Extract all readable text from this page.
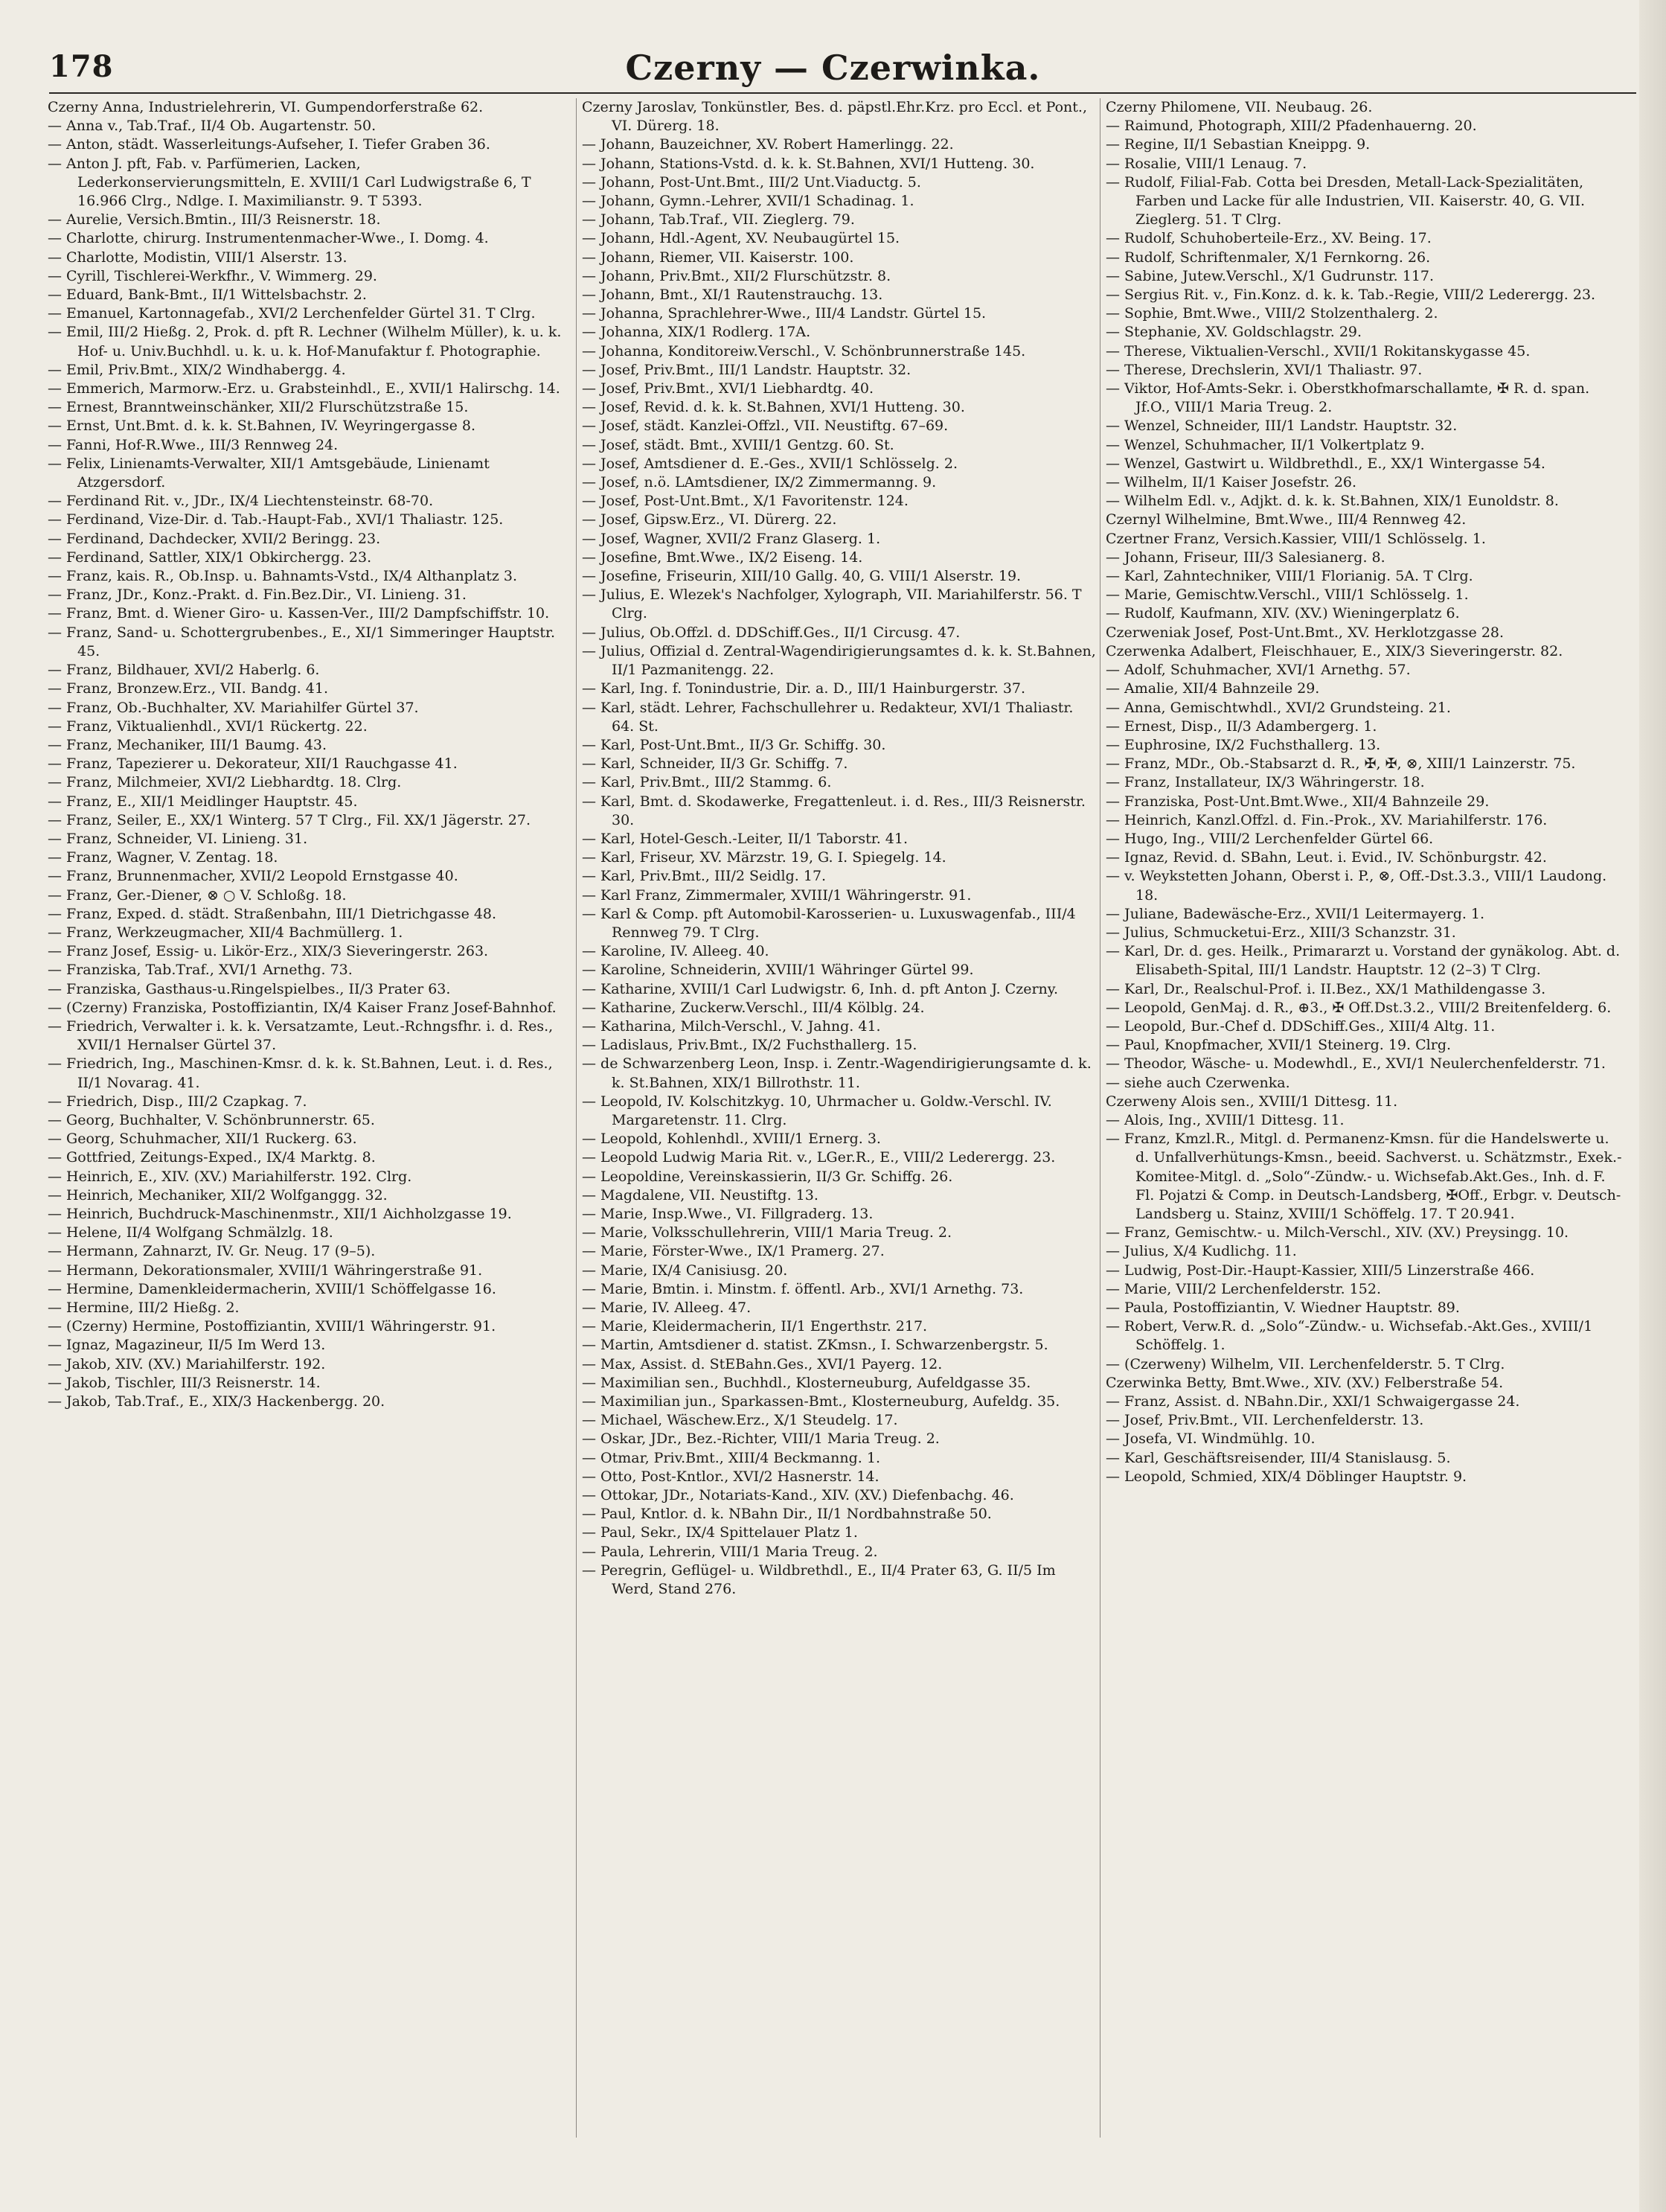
178	Czerny — Czerwinka.

Czerny Anna, Industrielehrerin, VI. Gumpendorferstraße 62.

— Anna v., Tab.Traf., II/4 Ob. Augartenstr. 50.

— Anton, städt. Wasserleitungs-Aufseher, I. Tiefer Graben 36.

— Anton J. pft, Fab. v. Parfümerien, Lacken, Lederkonservierungsmitteln, E. XVIII/1 Carl Ludwigstraße 6, T 16.966 Clrg., Ndlge. I. Maximilianstr. 9. T 5393.

— Aurelie, Versich.Bmtin., III/3 Reisnerstr. 18.

— Charlotte, chirurg. Instrumentenmacher-Wwe., I. Domg. 4.

— Charlotte, Modistin, VIII/1 Alserstr. 13.

— Cyrill, Tischlerei-Werkfhr., V. Wimmerg. 29.

— Eduard, Bank-Bmt., II/1 Wittelsbachstr. 2.

— Emanuel, Kartonnagefab., XVI/2 Lerchenfelder Gürtel 31. T Clrg.

— Emil, III/2 Hießg. 2, Prok. d. pft R. Lechner (Wilhelm Müller), k. u. k. Hof- u. Univ.Buchhdl. u. k. u. k. Hof-Manufaktur f. Photographie.

— Emil, Priv.Bmt., XIX/2 Windhabergg. 4.

— Emmerich, Marmorw.-Erz. u. Grabsteinhdl., E., XVII/1 Halirschg. 14.

— Ernest, Branntweinschänker, XII/2 Flurschützstraße 15.

— Ernst, Unt.Bmt. d. k. k. St.Bahnen, IV. Weyringergasse 8.

— Fanni, Hof-R.Wwe., III/3 Rennweg 24.

— Felix, Linienamts-Verwalter, XII/1 Amtsgebäude, Linienamt Atzgersdorf.

— Ferdinand Rit. v., JDr., IX/4 Liechtensteinstr. 68-70.

— Ferdinand, Vize-Dir. d. Tab.-Haupt-Fab., XVI/1 Thaliastr. 125.

— Ferdinand, Dachdecker, XVII/2 Beringg. 23.

— Ferdinand, Sattler, XIX/1 Obkirchergg. 23.

— Franz, kais. R., Ob.Insp. u. Bahnamts-Vstd., IX/4 Althanplatz 3.

— Franz, JDr., Konz.-Prakt. d. Fin.Bez.Dir., VI. Linieng. 31.

— Franz, Bmt. d. Wiener Giro- u. Kassen-Ver., III/2 Dampfschiffstr. 10.

— Franz, Sand- u. Schottergrubenbes., E., XI/1 Simmeringer Hauptstr. 45.

— Franz, Bildhauer, XVI/2 Haberlg. 6.

— Franz, Bronzew.Erz., VII. Bandg. 41.

— Franz, Ob.-Buchhalter, XV. Mariahilfer Gürtel 37.

— Franz, Viktualienhdl., XVI/1 Rückertg. 22.

— Franz, Mechaniker, III/1 Baumg. 43.

— Franz, Tapezierer u. Dekorateur, XII/1 Rauchgasse 41.

— Franz, Milchmeier, XVI/2 Liebhardtg. 18. Clrg.

— Franz, E., XII/1 Meidlinger Hauptstr. 45.

— Franz, Seiler, E., XX/1 Winterg. 57 T Clrg., Fil. XX/1 Jägerstr. 27.

— Franz, Schneider, VI. Linieng. 31.

— Franz, Wagner, V. Zentag. 18.

— Franz, Brunnenmacher, XVII/2 Leopold Ernstgasse 40.

— Franz, Ger.-Diener, ⊗ ○ V. Schloßg. 18.

— Franz, Exped. d. städt. Straßenbahn, III/1 Dietrichgasse 48.

— Franz, Werkzeugmacher, XII/4 Bachmüllerg. 1.

— Franz Josef, Essig- u. Likör-Erz., XIX/3 Sieveringerstr. 263.

— Franziska, Tab.Traf., XVI/1 Arnethg. 73.

— Franziska, Gasthaus-u.Ringelspielbes., II/3 Prater 63.

— (Czerny) Franziska, Postoffiziantin, IX/4 Kaiser Franz Josef-Bahnhof.

— Friedrich, Verwalter i. k. k. Versatzamte, Leut.-Rchngsfhr. i. d. Res., XVII/1 Hernalser Gürtel 37.

— Friedrich, Ing., Maschinen-Kmsr. d. k. k. St.Bahnen, Leut. i. d. Res., II/1 Novarag. 41.

— Friedrich, Disp., III/2 Czapkag. 7.

— Georg, Buchhalter, V. Schönbrunnerstr. 65.

— Georg, Schuhmacher, XII/1 Ruckerg. 63.

— Gottfried, Zeitungs-Exped., IX/4 Marktg. 8.

— Heinrich, E., XIV. (XV.) Mariahilferstr. 192. Clrg.

— Heinrich, Mechaniker, XII/2 Wolfganggg. 32.

— Heinrich, Buchdruck-Maschinenmstr., XII/1 Aichholzgasse 19.

— Helene, II/4 Wolfgang Schmälzlg. 18.

— Hermann, Zahnarzt, IV. Gr. Neug. 17 (9–5).

— Hermann, Dekorationsmaler, XVIII/1 Währingerstraße 91.

— Hermine, Damenkleidermacherin, XVIII/1 Schöffelgasse 16.

— Hermine, III/2 Hießg. 2.

— (Czerny) Hermine, Postoffiziantin, XVIII/1 Währingerstr. 91.

— Ignaz, Magazineur, II/5 Im Werd 13.

— Jakob, XIV. (XV.) Mariahilferstr. 192.

— Jakob, Tischler, III/3 Reisnerstr. 14.

— Jakob, Tab.Traf., E., XIX/3 Hackenbergg. 20.

Czerny Jaroslav, Tonkünstler, Bes. d. päpstl.Ehr.Krz. pro Eccl. et Pont., VI. Dürerg. 18.

— Johann, Bauzeichner, XV. Robert Hamerlingg. 22.

— Johann, Stations-Vstd. d. k. k. St.Bahnen, XVI/1 Hutteng. 30.

— Johann, Post-Unt.Bmt., III/2 Unt.Viaductg. 5.

— Johann, Gymn.-Lehrer, XVII/1 Schadinag. 1.

— Johann, Tab.Traf., VII. Zieglerg. 79.

— Johann, Hdl.-Agent, XV. Neubaugürtel 15.

— Johann, Riemer, VII. Kaiserstr. 100.

— Johann, Priv.Bmt., XII/2 Flurschützstr. 8.

— Johann, Bmt., XI/1 Rautenstrauchg. 13.

— Johanna, Sprachlehrer-Wwe., III/4 Landstr. Gürtel 15.

— Johanna, XIX/1 Rodlerg. 17A.

— Johanna, Konditoreiw.Verschl., V. Schönbrunnerstraße 145.

— Josef, Priv.Bmt., III/1 Landstr. Hauptstr. 32.

— Josef, Priv.Bmt., XVI/1 Liebhardtg. 40.

— Josef, Revid. d. k. k. St.Bahnen, XVI/1 Hutteng. 30.

— Josef, städt. Kanzlei-Offzl., VII. Neustiftg. 67–69.

— Josef, städt. Bmt., XVIII/1 Gentzg. 60. St.

— Josef, Amtsdiener d. E.-Ges., XVII/1 Schlösselg. 2.

— Josef, n.ö. LAmtsdiener, IX/2 Zimmermanng. 9.

— Josef, Post-Unt.Bmt., X/1 Favoritenstr. 124.

— Josef, Gipsw.Erz., VI. Dürerg. 22.

— Josef, Wagner, XVII/2 Franz Glaserg. 1.

— Josefine, Bmt.Wwe., IX/2 Eiseng. 14.

— Josefine, Friseurin, XIII/10 Gallg. 40, G. VIII/1 Alserstr. 19.

— Julius, E. Wlezek's Nachfolger, Xylograph, VII. Mariahilferstr. 56. T Clrg.

— Julius, Ob.Offzl. d. DDSchiff.Ges., II/1 Circusg. 47.

— Julius, Offizial d. Zentral-Wagendirigierungsamtes d. k. k. St.Bahnen, II/1 Pazmanitengg. 22.

— Karl, Ing. f. Tonindustrie, Dir. a. D., III/1 Hainburgerstr. 37.

— Karl, städt. Lehrer, Fachschullehrer u. Redakteur, XVI/1 Thaliastr. 64. St.

— Karl, Post-Unt.Bmt., II/3 Gr. Schiffg. 30.

— Karl, Schneider, II/3 Gr. Schiffg. 7.

— Karl, Priv.Bmt., III/2 Stammg. 6.

— Karl, Bmt. d. Skodawerke, Fregattenleut. i. d. Res., III/3 Reisnerstr. 30.

— Karl, Hotel-Gesch.-Leiter, II/1 Taborstr. 41.

— Karl, Friseur, XV. Märzstr. 19, G. I. Spiegelg. 14.

— Karl, Priv.Bmt., III/2 Seidlg. 17.

— Karl Franz, Zimmermaler, XVIII/1 Währingerstr. 91.

— Karl & Comp. pft Automobil-Karosserien- u. Luxuswagenfab., III/4 Rennweg 79. T Clrg.

— Karoline, IV. Alleeg. 40.

— Karoline, Schneiderin, XVIII/1 Währinger Gürtel 99.

— Katharine, XVIII/1 Carl Ludwigstr. 6, Inh. d. pft Anton J. Czerny.

— Katharine, Zuckerw.Verschl., III/4 Kölblg. 24.

— Katharina, Milch-Verschl., V. Jahng. 41.

— Ladislaus, Priv.Bmt., IX/2 Fuchsthallerg. 15.

— de Schwarzenberg Leon, Insp. i. Zentr.-Wagendirigierungsamte d. k. k. St.Bahnen, XIX/1 Billrothstr. 11.

— Leopold, IV. Kolschitzkyg. 10, Uhrmacher u. Goldw.-Verschl. IV. Margaretenstr. 11. Clrg.

— Leopold, Kohlenhdl., XVIII/1 Ernerg. 3.

— Leopold Ludwig Maria Rit. v., LGer.R., E., VIII/2 Lederergg. 23.

— Leopoldine, Vereinskassierin, II/3 Gr. Schiffg. 26.

— Magdalene, VII. Neustiftg. 13.

— Marie, Insp.Wwe., VI. Fillgraderg. 13.

— Marie, Volksschullehrerin, VIII/1 Maria Treug. 2.

— Marie, Förster-Wwe., IX/1 Pramerg. 27.

— Marie, IX/4 Canisiusg. 20.

— Marie, Bmtin. i. Minstm. f. öffentl. Arb., XVI/1 Arnethg. 73.

— Marie, IV. Alleeg. 47.

— Marie, Kleidermacherin, II/1 Engerthstr. 217.

— Martin, Amtsdiener d. statist. ZKmsn., I. Schwarzenbergstr. 5.

— Max, Assist. d. StEBahn.Ges., XVI/1 Payerg. 12.

— Maximilian sen., Buchhdl., Klosterneuburg, Aufeldgasse 35.

— Maximilian jun., Sparkassen-Bmt., Klosterneuburg, Aufeldg. 35.

— Michael, Wäschew.Erz., X/1 Steudelg. 17.

— Oskar, JDr., Bez.-Richter, VIII/1 Maria Treug. 2.

— Otmar, Priv.Bmt., XIII/4 Beckmanng. 1.

— Otto, Post-Kntlor., XVI/2 Hasnerstr. 14.

— Ottokar, JDr., Notariats-Kand., XIV. (XV.) Diefenbachg. 46.

— Paul, Kntlor. d. k. NBahn Dir., II/1 Nordbahnstraße 50.

— Paul, Sekr., IX/4 Spittelauer Platz 1.

— Paula, Lehrerin, VIII/1 Maria Treug. 2.

— Peregrin, Geflügel- u. Wildbrethdl., E., II/4 Prater 63, G. II/5 Im Werd, Stand 276.

Czerny Philomene, VII. Neubaug. 26.

— Raimund, Photograph, XIII/2 Pfadenhauerng. 20.

— Regine, II/1 Sebastian Kneippg. 9.

— Rosalie, VIII/1 Lenaug. 7.

— Rudolf, Filial-Fab. Cotta bei Dresden, Metall-Lack-Spezialitäten, Farben und Lacke für alle Industrien, VII. Kaiserstr. 40, G. VII. Zieglerg. 51. T Clrg.

— Rudolf, Schuhoberteile-Erz., XV. Being. 17.

— Rudolf, Schriftenmaler, X/1 Fernkorng. 26.

— Sabine, Jutew.Verschl., X/1 Gudrunstr. 117.

— Sergius Rit. v., Fin.Konz. d. k. k. Tab.-Regie, VIII/2 Lederergg. 23.

— Sophie, Bmt.Wwe., VIII/2 Stolzenthalerg. 2.

— Stephanie, XV. Goldschlagstr. 29.

— Therese, Viktualien-Verschl., XVII/1 Rokitanskygasse 45.

— Therese, Drechslerin, XVI/1 Thaliastr. 97.

— Viktor, Hof-Amts-Sekr. i. Oberstkhofmarschallamte, ✠ R. d. span. Jf.O., VIII/1 Maria Treug. 2.

— Wenzel, Schneider, III/1 Landstr. Hauptstr. 32.

— Wenzel, Schuhmacher, II/1 Volkertplatz 9.

— Wenzel, Gastwirt u. Wildbrethdl., E., XX/1 Wintergasse 54.

— Wilhelm, II/1 Kaiser Josefstr. 26.

— Wilhelm Edl. v., Adjkt. d. k. k. St.Bahnen, XIX/1 Eunoldstr. 8.

Czernyl Wilhelmine, Bmt.Wwe., III/4 Rennweg 42.

Czertner Franz, Versich.Kassier, VIII/1 Schlösselg. 1.

— Johann, Friseur, III/3 Salesianerg. 8.

— Karl, Zahntechniker, VIII/1 Florianig. 5A. T Clrg.

— Marie, Gemischtw.Verschl., VIII/1 Schlösselg. 1.

— Rudolf, Kaufmann, XIV. (XV.) Wieningerplatz 6.

Czerweniak Josef, Post-Unt.Bmt., XV. Herklotzgasse 28.

Czerwenka Adalbert, Fleischhauer, E., XIX/3 Sieveringerstr. 82.

— Adolf, Schuhmacher, XVI/1 Arnethg. 57.

— Amalie, XII/4 Bahnzeile 29.

— Anna, Gemischtwhdl., XVI/2 Grundsteing. 21.

— Ernest, Disp., II/3 Adambergerg. 1.

— Euphrosine, IX/2 Fuchsthallerg. 13.

— Franz, MDr., Ob.-Stabsarzt d. R., ✠, ✠, ⊗, XIII/1 Lainzerstr. 75.

— Franz, Installateur, IX/3 Währingerstr. 18.

— Franziska, Post-Unt.Bmt.Wwe., XII/4 Bahnzeile 29.

— Heinrich, Kanzl.Offzl. d. Fin.-Prok., XV. Mariahilferstr. 176.

— Hugo, Ing., VIII/2 Lerchenfelder Gürtel 66.

— Ignaz, Revid. d. SBahn, Leut. i. Evid., IV. Schönburgstr. 42.

— v. Weykstetten Johann, Oberst i. P., ⊗, Off.-Dst.3.3., VIII/1 Laudong. 18.

— Juliane, Badewäsche-Erz., XVII/1 Leitermayerg. 1.

— Julius, Schmucketui-Erz., XIII/3 Schanzstr. 31.

— Karl, Dr. d. ges. Heilk., Primararzt u. Vorstand der gynäkolog. Abt. d. Elisabeth-Spital, III/1 Landstr. Hauptstr. 12 (2–3) T Clrg.

— Karl, Dr., Realschul-Prof. i. II.Bez., XX/1 Mathildengasse 3.

— Leopold, GenMaj. d. R., ⊕3., ✠ Off.Dst.3.2., VIII/2 Breitenfelderg. 6.

— Leopold, Bur.-Chef d. DDSchiff.Ges., XIII/4 Altg. 11.

— Paul, Knopfmacher, XVII/1 Steinerg. 19. Clrg.

— Theodor, Wäsche- u. Modewhdl., E., XVI/1 Neulerchenfelderstr. 71.

— siehe auch Czerwenka.

Czerweny Alois sen., XVIII/1 Dittesg. 11.

— Alois, Ing., XVIII/1 Dittesg. 11.

— Franz, Kmzl.R., Mitgl. d. Permanenz-Kmsn. für die Handelswerte u. d. Unfallverhütungs-Kmsn., beeid. Sachverst. u. Schätzmstr., Exek.-Komitee-Mitgl. d. „Solo“-Zündw.- u. Wichsefab.Akt.Ges., Inh. d. F. Fl. Pojatzi & Comp. in Deutsch-Landsberg, ✠Off., Erbgr. v. Deutsch-Landsberg u. Stainz, XVIII/1 Schöffelg. 17. T 20.941.

— Franz, Gemischtw.- u. Milch-Verschl., XIV. (XV.) Preysingg. 10.

— Julius, X/4 Kudlichg. 11.

— Ludwig, Post-Dir.-Haupt-Kassier, XIII/5 Linzerstraße 466.

— Marie, VIII/2 Lerchenfelderstr. 152.

— Paula, Postoffiziantin, V. Wiedner Hauptstr. 89.

— Robert, Verw.R. d. „Solo“-Zündw.- u. Wichsefab.-Akt.Ges., XVIII/1 Schöffelg. 1.

— (Czerweny) Wilhelm, VII. Lerchenfelderstr. 5. T Clrg.

Czerwinka Betty, Bmt.Wwe., XIV. (XV.) Felberstraße 54.

— Franz, Assist. d. NBahn.Dir., XXI/1 Schwaigergasse 24.

— Josef, Priv.Bmt., VII. Lerchenfelderstr. 13.

— Josefa, VI. Windmühlg. 10.

— Karl, Geschäftsreisender, III/4 Stanislausg. 5.

— Leopold, Schmied, XIX/4 Döblinger Hauptstr. 9.
